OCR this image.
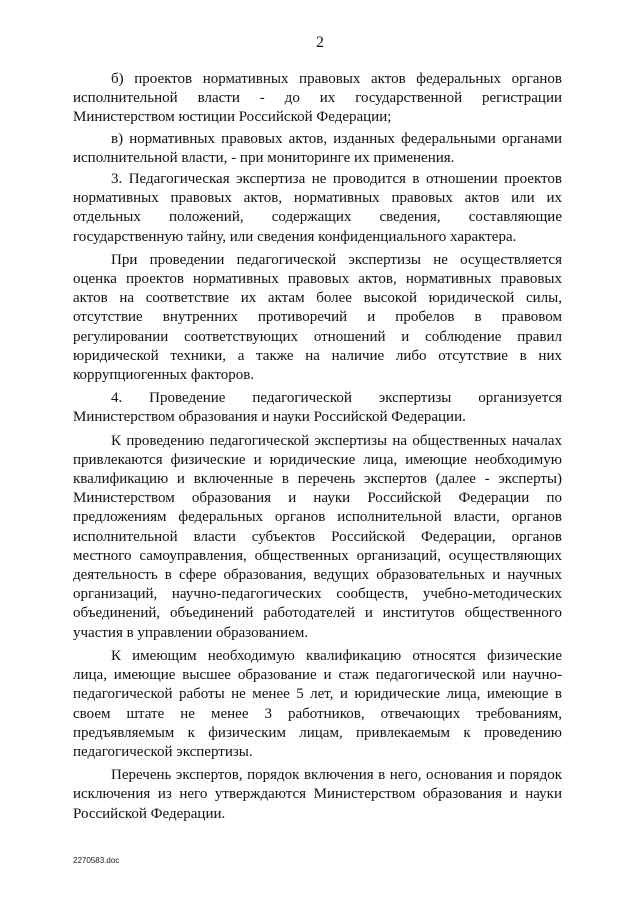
2

б) проектов нормативных правовых актов федеральных органов исполнительной власти - до их государственной регистрации Министерством юстиции Российской Федерации;

в) нормативных правовых актов, изданных федеральными органами исполнительной власти, - при мониторинге их применения.

3. Педагогическая экспертиза не проводится в отношении проектов нормативных правовых актов, нормативных правовых актов или их отдельных положений, содержащих сведения, составляющие государственную тайну, или сведения конфиденциального характера.

При проведении педагогической экспертизы не осуществляется оценка проектов нормативных правовых актов, нормативных правовых актов на соответствие их актам более высокой юридической силы, отсутствие внутренних противоречий и пробелов в правовом регулировании соответствующих отношений и соблюдение правил юридической техники, а также на наличие либо отсутствие в них коррупциогенных факторов.

4. Проведение педагогической экспертизы организуется Министерством образования и науки Российской Федерации.

К проведению педагогической экспертизы на общественных началах привлекаются физические и юридические лица, имеющие необходимую квалификацию и включенные в перечень экспертов (далее - эксперты) Министерством образования и науки Российской Федерации по предложениям федеральных органов исполнительной власти, органов исполнительной власти субъектов Российской Федерации, органов местного самоуправления, общественных организаций, осуществляющих деятельность в сфере образования, ведущих образовательных и научных организаций, научно-педагогических сообществ, учебно-методических объединений, объединений работодателей и институтов общественного участия в управлении образованием.

К имеющим необходимую квалификацию относятся физические лица, имеющие высшее образование и стаж педагогической или научно-педагогической работы не менее 5 лет, и юридические лица, имеющие в своем штате не менее 3 работников, отвечающих требованиям, предъявляемым к физическим лицам, привлекаемым к проведению педагогической экспертизы.

Перечень экспертов, порядок включения в него, основания и порядок исключения из него утверждаются Министерством образования и науки Российской Федерации.

2270583.doc
